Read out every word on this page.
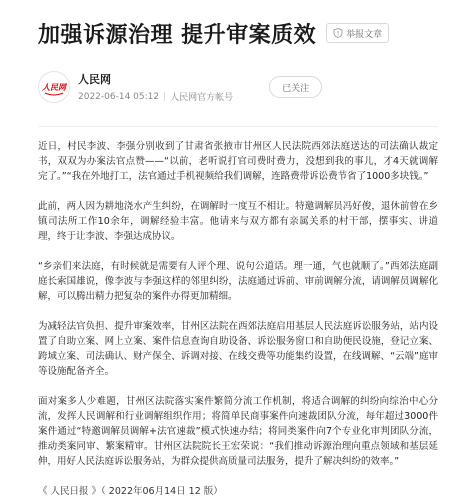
加强诉源治理 提升审案质效	举报文章
人民网
人民网
2022-06-14 05:12 | 人民网官方帐号
已关注

近日，村民李波、李强分别收到了甘肃省张掖市甘州区人民法院西郊法庭送达的司法确认裁定书，双双为办案法官点赞——“以前，老听说打官司费时费力，没想到我的事儿，才4天就调解完了。”“我在外地打工，法官通过手机视频给我们调解，连路费带诉讼费节省了1000多块钱。”

此前，两人因为耕地浇水产生纠纷，在调解时一度互不相让。特邀调解员冯好俊，退休前曾在乡镇司法所工作10余年，调解经验丰富。他请来与双方都有亲属关系的村干部，摆事实、讲道理，终于让李波、李强达成协议。

“乡亲们来法庭，有时候就是需要有人评个理、说句公道话。理一通，气也就顺了。”西郊法庭副庭长索国雄说，像李波与李强这样的邻里纠纷，法庭通过诉前、审前调解分流，请调解员调解化解，可以腾出精力把复杂的案件办得更加精细。

为减轻法官负担、提升审案效率，甘州区法院在西郊法庭启用基层人民法庭诉讼服务站，站内设置了自助立案、网上立案、案件信息查询自助设备、诉讼服务窗口和自助便民设施，登记立案、跨域立案、司法确认、财产保全、诉调对接、在线交费等功能集约设置，在线调解、“云端”庭审等设施配备齐全。

面对案多人少难题，甘州区法院落实案件繁简分流工作机制，将适合调解的纠纷向综治中心分流，发挥人民调解和行业调解组织作用；将简单民商事案件向速裁团队分流，每年超过3000件案件通过“特邀调解员调解+法官速裁”模式快速办结；将同类案件向7个专业化审判团队分流，推动类案同审、繁案精审。甘州区法院院长王宏荣说：“我们推动诉源治理向重点领域和基层延伸，用好人民法庭诉讼服务站，为群众提供高质量司法服务，提升了解决纠纷的效率。”

《 人民日报 》（ 2022年06月14日 12 版）
